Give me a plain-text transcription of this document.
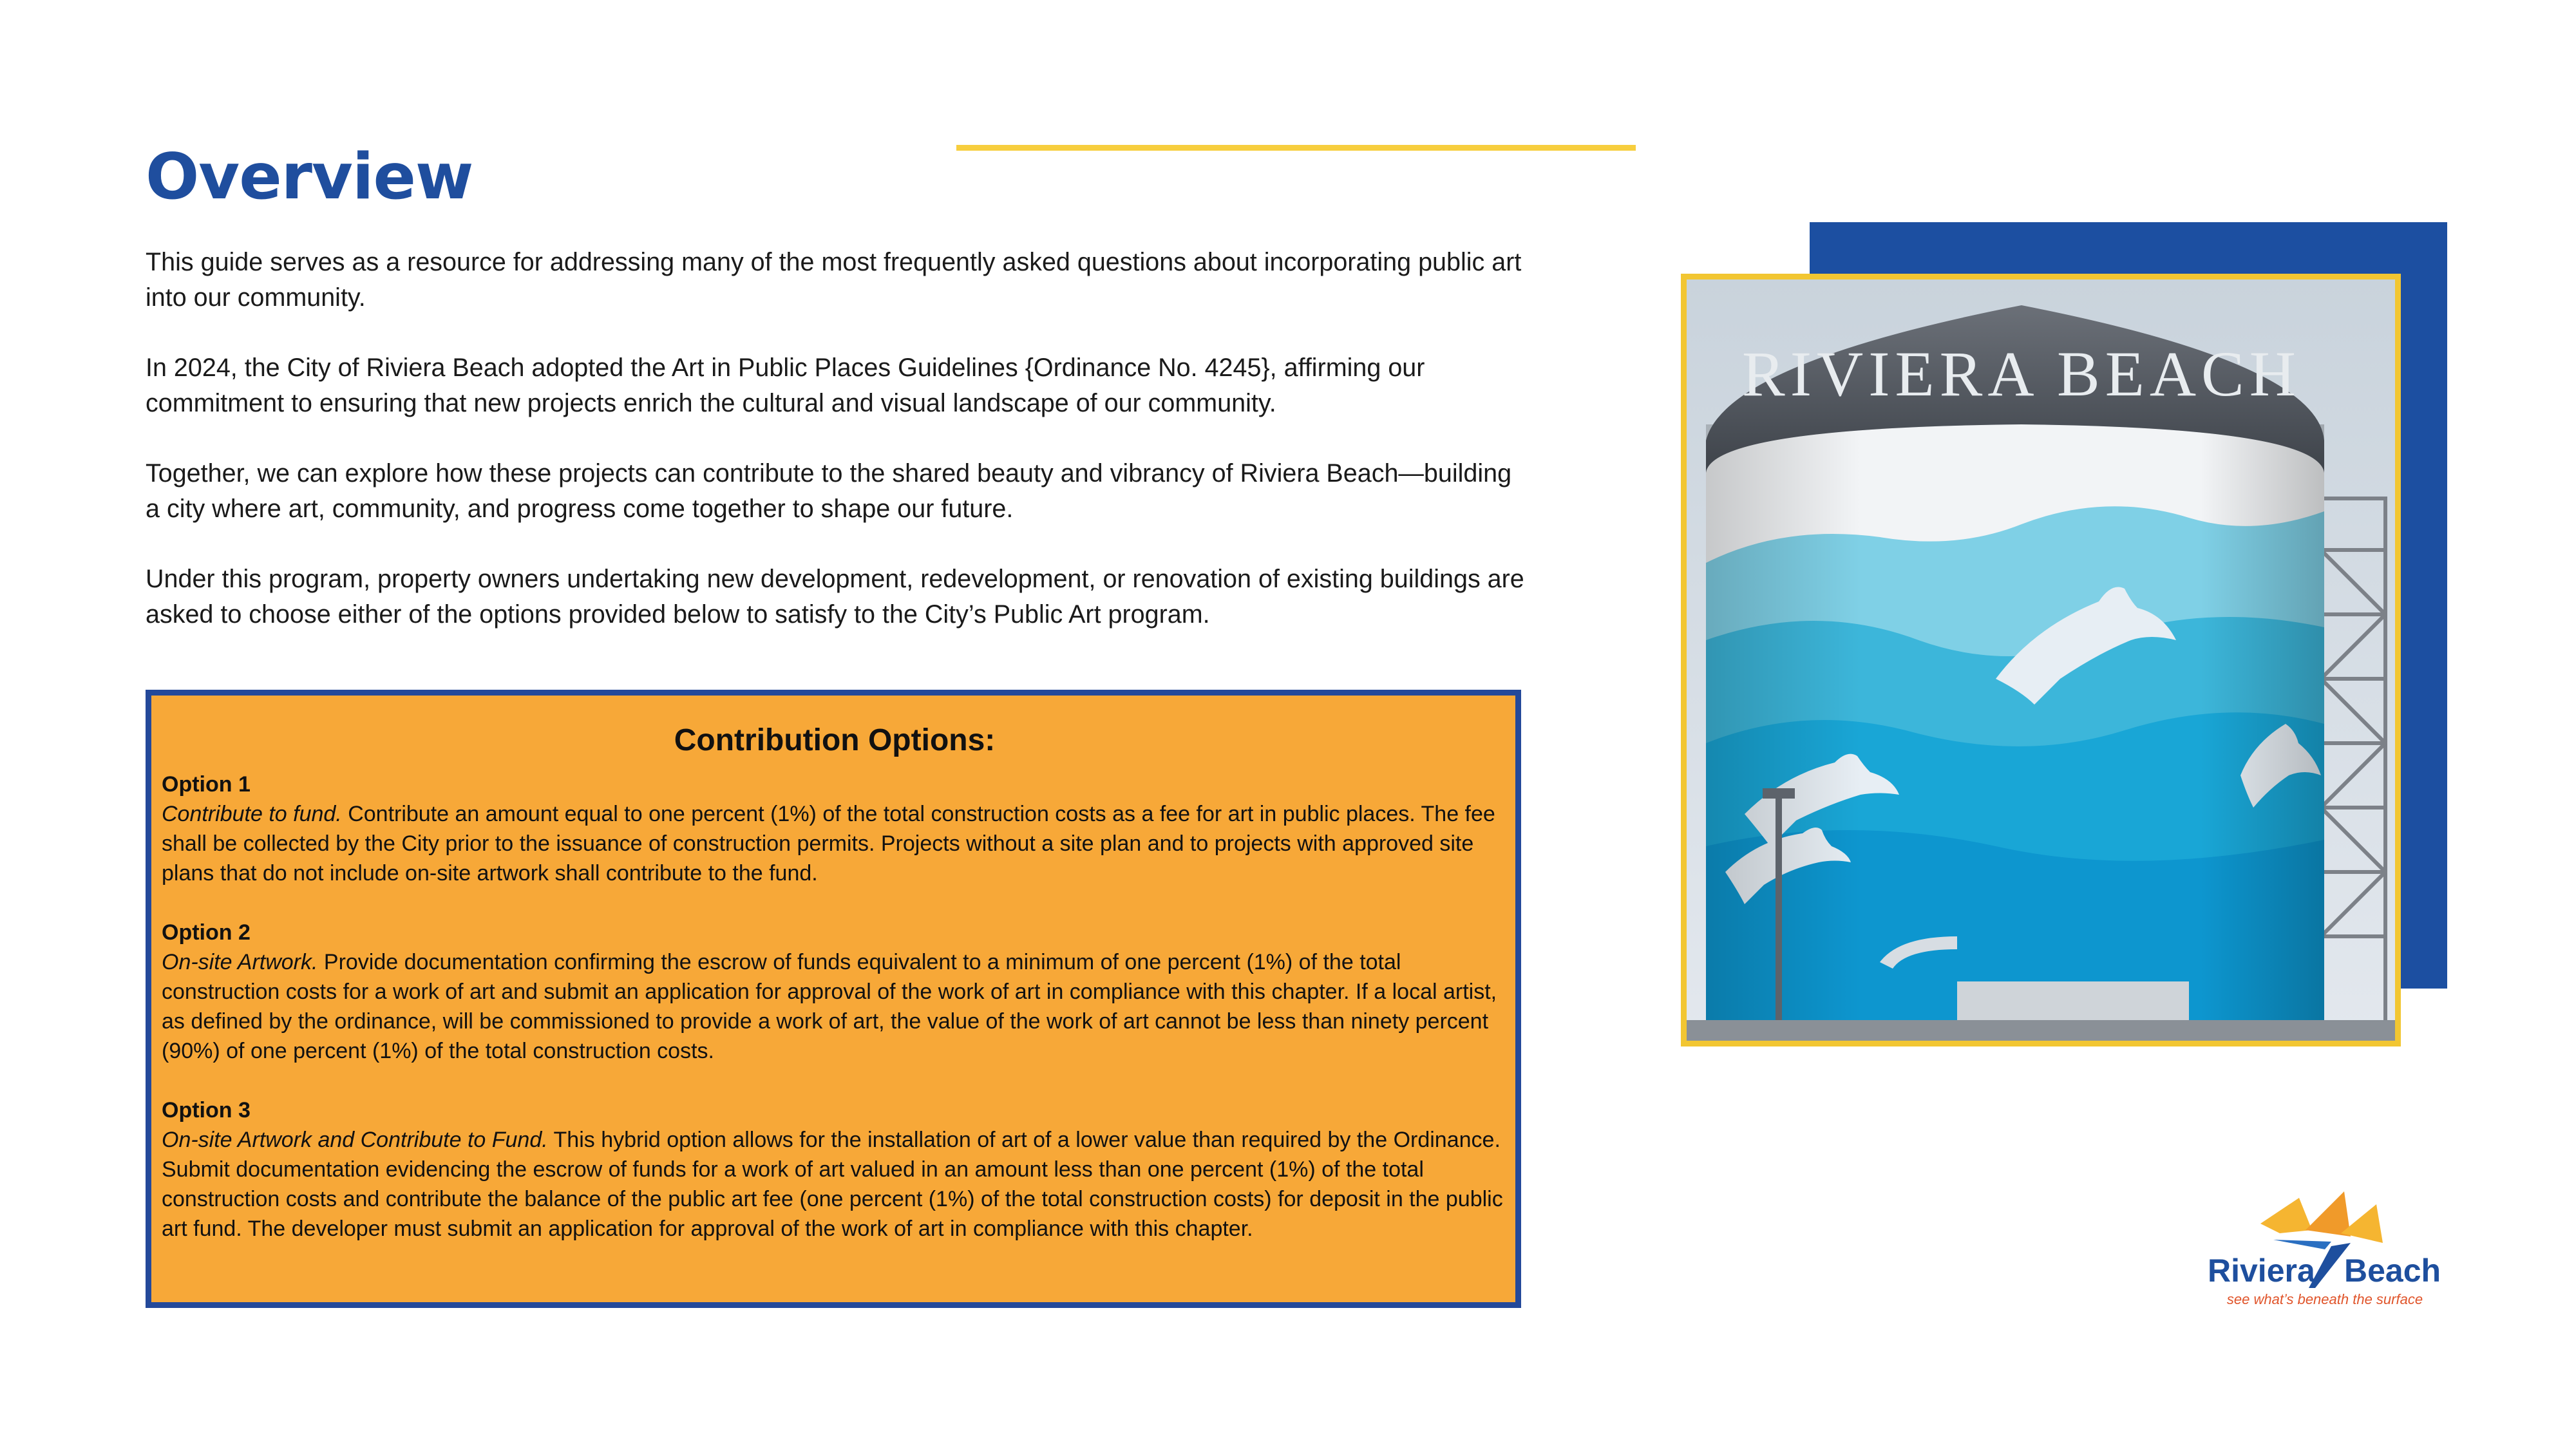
Overview

This guide serves as a resource for addressing many of the most frequently asked questions about incorporating public art into our community.

In 2024, the City of Riviera Beach adopted the Art in Public Places Guidelines {Ordinance No. 4245}, affirming our commitment to ensuring that new projects enrich the cultural and visual landscape of our community.

Together, we can explore how these projects can contribute to the shared beauty and vibrancy of Riviera Beach—building a city where art, community, and progress come together to shape our future.

Under this program, property owners undertaking new development, redevelopment, or renovation of existing buildings are asked to choose either of the options provided below to satisfy to the City’s Public Art program.

Contribution Options:

Option 1

Contribute to fund. Contribute an amount equal to one percent (1%) of the total construction costs as a fee for art in public places. The fee shall be collected by the City prior to the issuance of construction permits. Projects without a site plan and to projects with approved site plans that do not include on-site artwork shall contribute to the fund.

Option 2

On-site Artwork. Provide documentation confirming the escrow of funds equivalent to a minimum of one percent (1%) of the total construction costs for a work of art and submit an application for approval of the work of art in compliance with this chapter. If a local artist, as defined by the ordinance, will be commissioned to provide a work of art, the value of the work of art cannot be less than ninety percent (90%) of one percent (1%) of the total construction costs.

Option 3

On-site Artwork and Contribute to Fund. This hybrid option allows for the installation of art of a lower value than required by the Ordinance. Submit documentation evidencing the escrow of funds for a work of art valued in an amount less than one percent (1%) of the total construction costs and contribute the balance of the public art fee (one percent (1%) of the total construction costs) for deposit in the public art fund. The developer must submit an application for approval of the work of art in compliance with this chapter.

RIVIERA BEACH
Riviera Beach
see what’s beneath the surface
